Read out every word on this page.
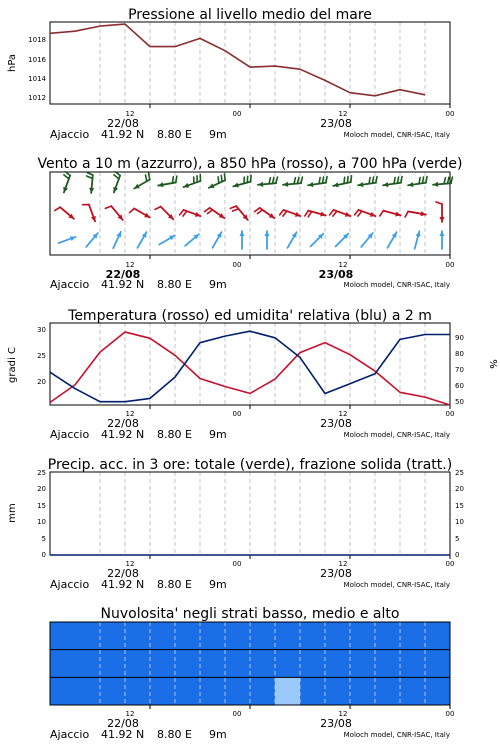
Pressione al livello medio del mare
hPa
1018
1016
1014
1012
12	00	12	00
22/08	23/08
Ajaccio 41.92 N 8.80 E 9m	Moloch model, CNR-ISAC, Italy
Vento a 10 m (azzurro), a 850 hPa (rosso), a 700 hPa (verde)
12	00	12	00
22/08	23/08
Ajaccio 41.92 N 8.80 E 9m	Moloch model, CNR-ISAC, Italy
Temperatura (rosso) ed umidita' relativa (blu) a 2 m
gradi C	%
30
25
20
90
80
70
60
50
12	00	12	00
22/08	23/08
Ajaccio 41.92 N 8.80 E 9m	Moloch model, CNR-ISAC, Italy
Precip. acc. in 3 ore: totale (verde), frazione solida (tratt.)
mm
25
20
15
10
5
0
25
20
15
10
5
0
12	00	12	00
22/08	23/08
Ajaccio 41.92 N 8.80 E 9m	Moloch model, CNR-ISAC, Italy
Nuvolosita' negli strati basso, medio e alto
12	00	12	00
22/08	23/08
Ajaccio 41.92 N 8.80 E 9m	Moloch model, CNR-ISAC, Italy
